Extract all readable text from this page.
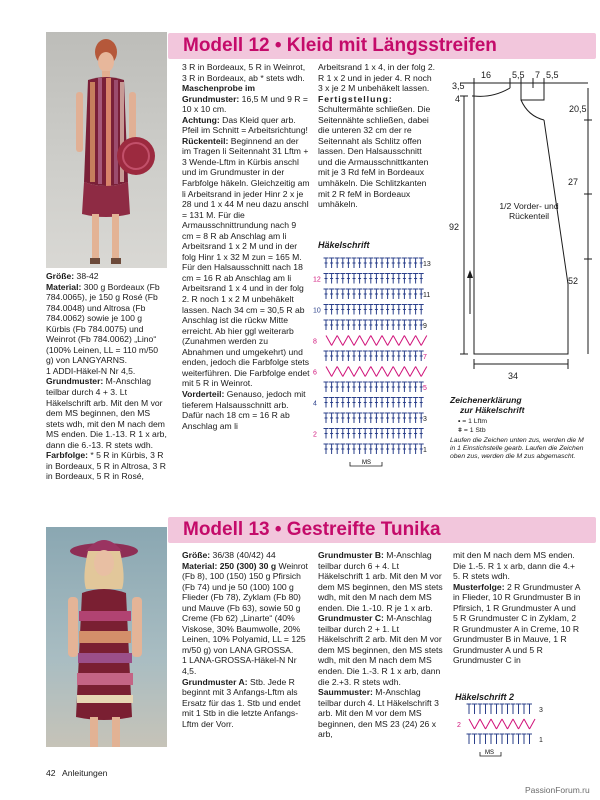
Modell 12 • Kleid mit Längsstreifen

Größe: 38-42

Material: 300 g Bordeaux (Fb 784.0065), je 150 g Rosé (Fb 784.0048) und Altrosa (Fb 784.0062) sowie je 100 g Kürbis (Fb 784.0075) und Weinrot (Fb 784.0062) „Lino“ (100% Leinen, LL = 110 m/50 g) von LANGYARNS.

1 ADDI-Häkel-N Nr 4,5.

Grundmuster: M-Anschlag teilbar durch 4 + 3. Lt Häkelschrift arb. Mit den M vor dem MS beginnen, den MS stets wdh, mit den M nach dem MS enden. Die 1.-13. R 1 x arb, dann die 6.-13. R stets wdh.

Farbfolge: * 5 R in Kürbis, 3 R in Bordeaux, 5 R in Altrosa, 3 R in Bordeaux, 5 R in Rosé,

3 R in Bordeaux, 5 R in Weinrot, 3 R in Bordeaux, ab * stets wdh.

Maschenprobe im Grundmuster: 16,5 M und 9 R = 10 x 10 cm.

Achtung: Das Kleid quer arb. Pfeil im Schnitt = Arbeitsrichtung!

Rückenteil: Beginnend an der im Tragen li Seitennaht 31 Lftm + 3 Wende-Lftm in Kürbis anschl und im Grundmuster in der Farbfolge häkeln. Gleichzeitig am li Arbeitsrand in jeder Hinr 2 x je 28 und 1 x 44 M neu dazu anschl = 131 M. Für die Armausschnittrundung nach 9 cm = 8 R ab Anschlag am li Arbeitsrand 1 x 2 M und in der folg Hinr 1 x 32 M zun = 165 M. Für den Halsausschnitt nach 18 cm = 16 R ab Anschlag am li Arbeitsrand 1 x 4 und in der folg 2. R noch 1 x 2 M unbehäkelt lassen. Nach 34 cm = 30,5 R ab Anschlag ist die rückw Mitte erreicht. Ab hier ggl weiterarb (Zunahmen werden zu Abnahmen und umgekehrt) und enden, jedoch die Farbfolge stets weiterführen. Die Farbfolge endet mit 5 R in Weinrot.

Vorderteil: Genauso, jedoch mit tieferem Halsausschnitt arb. Dafür nach 18 cm = 16 R ab Anschlag am li

Arbeitsrand 1 x 4, in der folg 2. R 1 x 2 und in jeder 4. R noch 3 x je 2 M unbehäkelt lassen.

Fertigstellung: Schultermähte schließen. Die Seitennähte schließen, dabei die unteren 32 cm der re Seitennaht als Schlitz offen lassen. Den Halsausschnitt und die Armausschnittkanten mit je 3 Rd feM in Bordeaux umhäkeln. Die Schlitzkanten mit 2 R feM in Bordeaux umhäkeln.

Häkelschrift
12
10
8
6
4
2
13
11
9
7
5
3
1
MS
3,5
16 5,5 7 5,5
4
20,5
27
92
52
34
1/2 Vorder- und Rückenteil
Zeichenerklärung
zur Häkelschrift
• = 1 Lftm
ǂ = 1 Stb
Laufen die Zeichen unten zus, werden die M in 1 Einstichstelle gearb. Laufen die Zeichen oben zus, werden die M zus abgemascht.
Modell 13 • Gestreifte Tunika

Größe: 36/38 (40/42) 44

Material: 250 (300) 30 g Weinrot (Fb 8), 100 (150) 150 g Pfirsich (Fb 74) und je 50 (100) 100 g Flieder (Fb 78), Zyklam (Fb 80) und Mauve (Fb 63), sowie 50 g Creme (Fb 62) „Linarte“ (40% Viskose, 30% Baumwolle, 20% Leinen, 10% Polyamid, LL = 125 m/50 g) von LANA GROSSA.

1 LANA-GROSSA-Häkel-N Nr 4,5.

Grundmuster A: Stb. Jede R beginnt mit 3 Anfangs-Lftm als Ersatz für das 1. Stb und endet mit 1 Stb in die letzte Anfangs-Lftm der Vorr.

Grundmuster B: M-Anschlag teilbar durch 6 + 4. Lt Häkelschrift 1 arb. Mit den M vor dem MS beginnen, den MS stets wdh, mit den M nach dem MS enden. Die 1.-10. R je 1 x arb.

Grundmuster C: M-Anschlag teilbar durch 2 + 1. Lt Häkelschrift 2 arb. Mit den M vor dem MS beginnen, den MS stets wdh, mit den M nach dem MS enden. Die 1.-3. R 1 x arb, dann die 2.+3. R stets wdh.

Saummuster: M-Anschlag teilbar durch 4. Lt Häkelschrift 3 arb. Mit den M vor dem MS beginnen, den MS 23 (24) 26 x arb,

mit den M nach dem MS enden. Die 1.-5. R 1 x arb, dann die 4.+ 5. R stets wdh.

Musterfolge: 2 R Grundmuster A in Flieder, 10 R Grundmuster B in Pfirsich, 1 R Grundmuster A und 5 R Grundmuster C in Zyklam, 2 R Grundmuster A in Creme, 10 R Grundmuster B in Mauve, 1 R Grundmuster A und 5 R Grundmuster C in

Häkelschrift 2
3
2
1
MS
42 Anleitungen
PassionForum.ru
